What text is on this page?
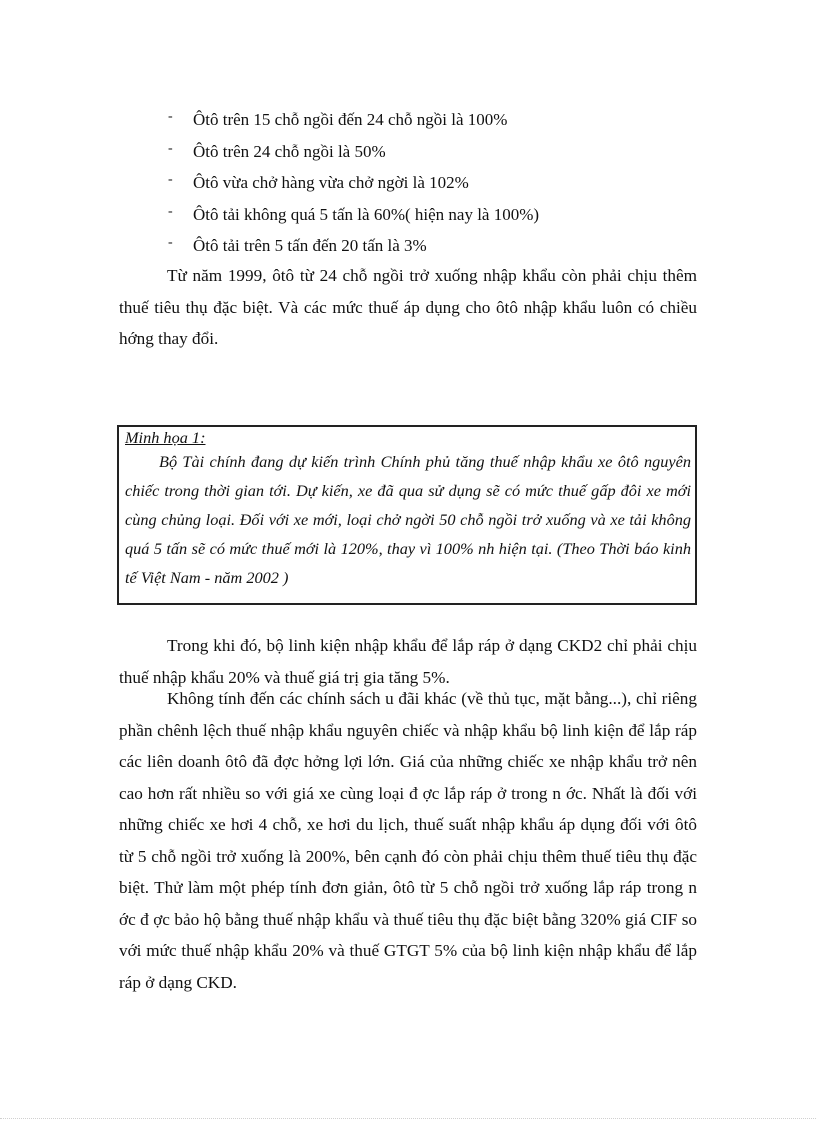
- Ôtô trên 15 chỗ ngồi đến 24 chỗ ngồi là 100%
- Ôtô trên 24 chỗ ngồi là 50%
- Ôtô vừa chở hàng vừa chở ngời là 102%
- Ôtô tải không quá 5 tấn là 60%( hiện nay là 100%)
- Ôtô tải trên 5 tấn đến 20 tấn là 3%

Từ năm 1999, ôtô từ 24 chỗ ngồi trở xuống nhập khẩu còn phải chịu thêm thuế tiêu thụ đặc biệt. Và các mức thuế áp dụng cho ôtô nhập khẩu luôn có chiều hớng thay đổi.

Minh họa 1:

Bộ Tài chính đang dự kiến trình Chính phủ tăng thuế nhập khẩu xe ôtô nguyên chiếc trong thời gian tới. Dự kiến, xe đã qua sử dụng sẽ có mức thuế gấp đôi xe mới cùng chủng loại. Đối với xe mới, loại chở ngời 50 chỗ ngồi trở xuống và xe tải không quá 5 tấn sẽ có mức thuế mới là 120%, thay vì 100% nh hiện tại. (Theo Thời báo kinh tế Việt Nam - năm 2002 )

Trong khi đó, bộ linh kiện nhập khẩu để lắp ráp ở dạng CKD2 chỉ phải chịu thuế nhập khẩu 20% và thuế giá trị gia tăng 5%.

Không tính đến các chính sách u đãi khác (về thủ tục, mặt bằng...), chỉ riêng phần chênh lệch thuế nhập khẩu nguyên chiếc và nhập khẩu bộ linh kiện để lắp ráp các liên doanh ôtô đã đợc hởng lợi lớn. Giá của những chiếc xe nhập khẩu trở nên cao hơn rất nhiều so với giá xe cùng loại đ ợc lắp ráp ở trong n ớc. Nhất là đối với những chiếc xe hơi 4 chỗ, xe hơi du lịch, thuế suất nhập khẩu áp dụng đối với ôtô từ 5 chỗ ngồi trở xuống là 200%, bên cạnh đó còn phải chịu thêm thuế tiêu thụ đặc biệt. Thử làm một phép tính đơn giản, ôtô từ 5 chỗ ngồi trở xuống lắp ráp trong n ớc đ ợc bảo hộ bằng thuế nhập khẩu và thuế tiêu thụ đặc biệt bằng 320% giá CIF so với mức thuế nhập khẩu 20% và thuế GTGT 5% của bộ linh kiện nhập khẩu để lắp ráp ở dạng CKD.
